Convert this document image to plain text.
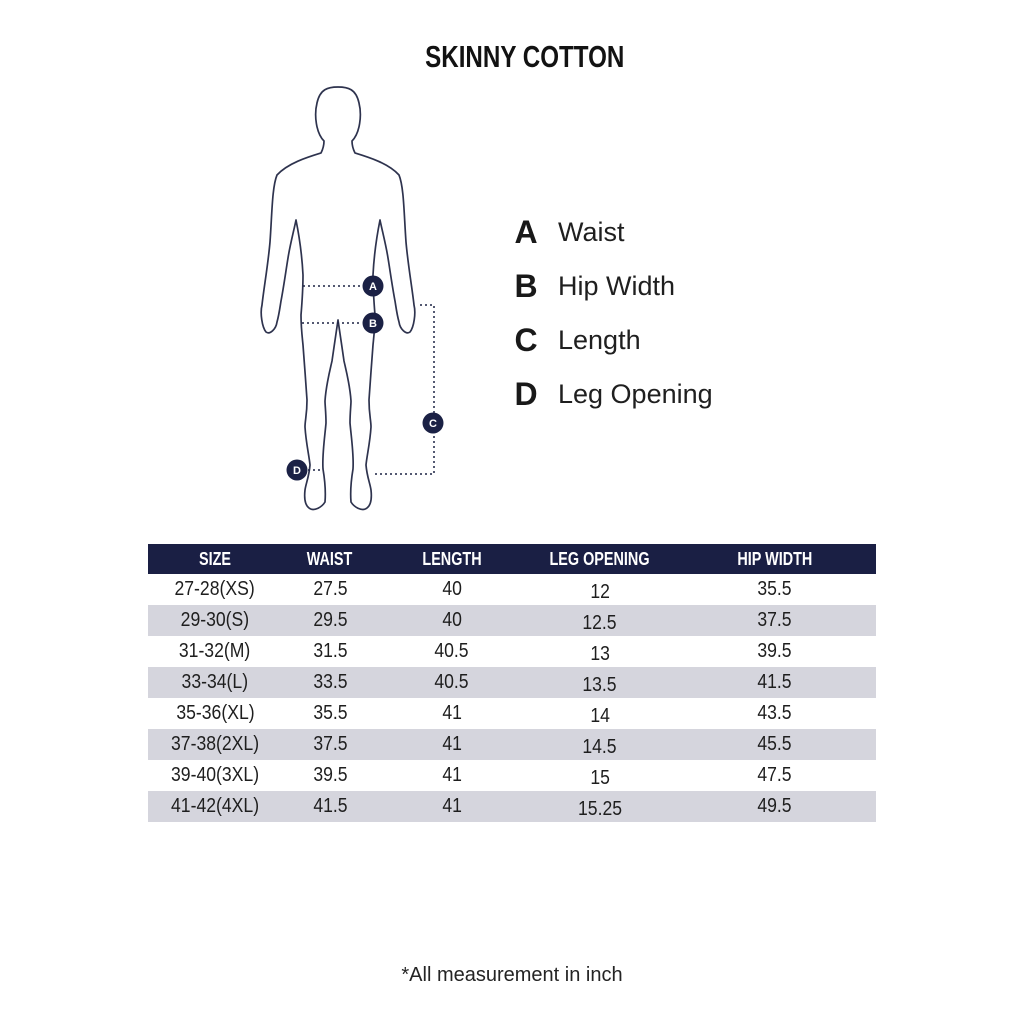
SKINNY COTTON
A
B
C
D
A Waist
B Hip Width
C Length
D Leg Opening
SIZE	WAIST	LENGTH	LEG OPENING	HIP WIDTH
27-28(XS)	27.5	40	12	35.5
29-30(S)	29.5	40	12.5	37.5
31-32(M)	31.5	40.5	13	39.5
33-34(L)	33.5	40.5	13.5	41.5
35-36(XL)	35.5	41	14	43.5
37-38(2XL)	37.5	41	14.5	45.5
39-40(3XL)	39.5	41	15	47.5
41-42(4XL)	41.5	41	15.25	49.5
*All measurement in inch
